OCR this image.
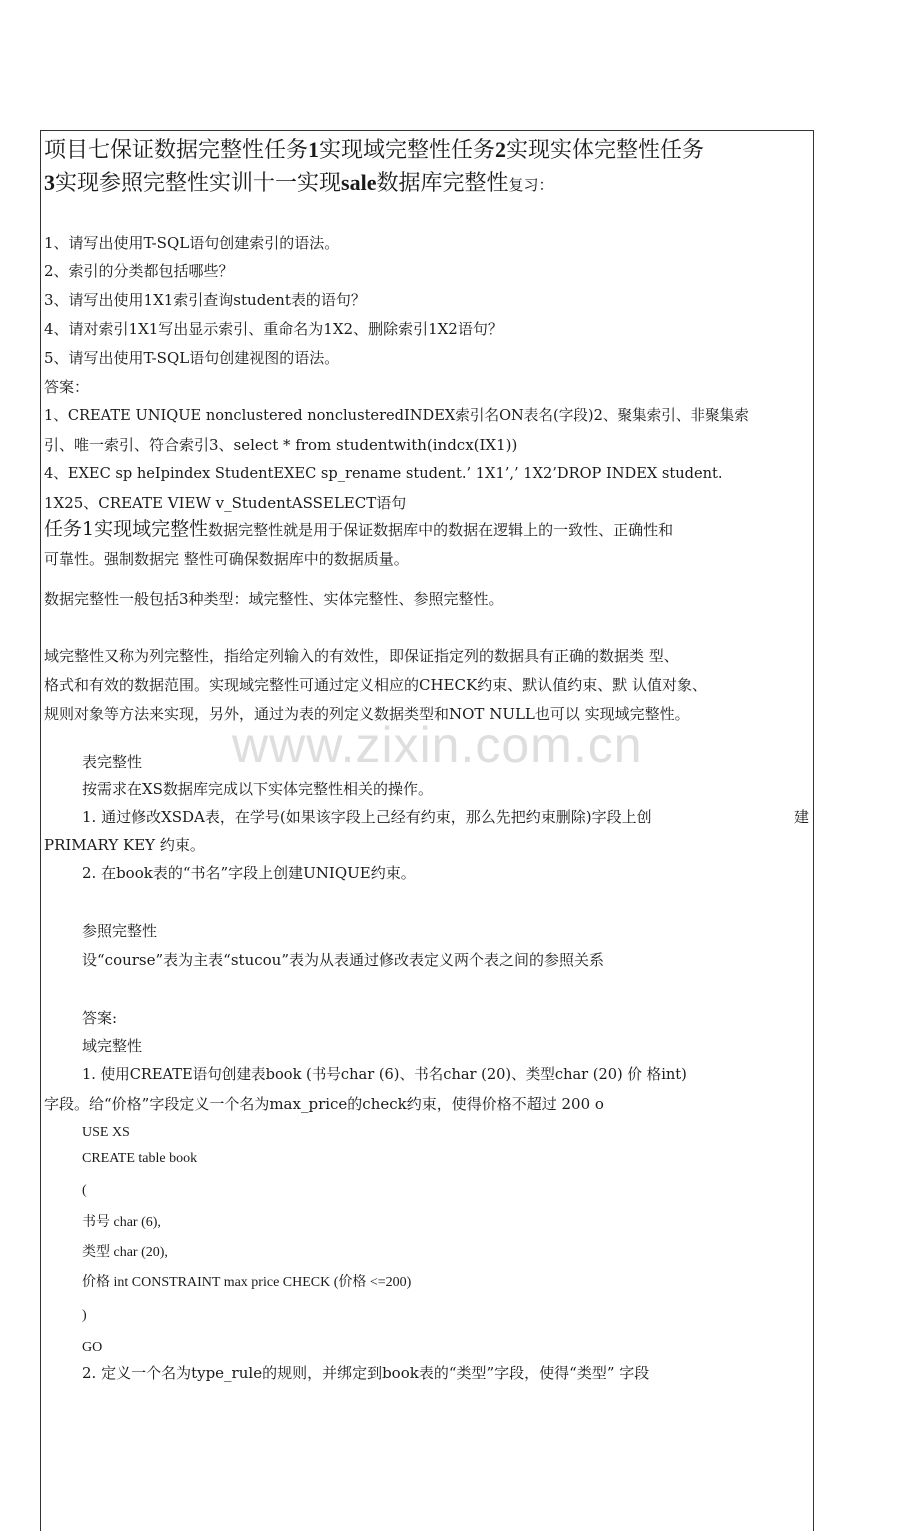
项目七保证数据完整性任务1实现域完整性任务2实现实体完整性任务
3实现参照完整性实训十一实现sale数据库完整性复习：
1、请写出使用T-SQL语句创建索引的语法。
2、索引的分类都包括哪些？
3、请写出使用1X1索引查询student表的语句？
4、请对索引1X1写出显示索引、重命名为1X2、删除索引1X2语句？
5、请写出使用T-SQL语句创建视图的语法。
答案：
1、CREATE UNIQUE nonclustered nonclusteredINDEX索引名ON表名(字段)2、聚集索引、非聚集索
引、唯一索引、符合索引3、select * from studentwith(indcx(IX1))
4、EXEC sp heIpindex StudentEXEC sp_rename student.’ 1X1’,’ 1X2’DROP INDEX student.
1X25、CREATE VIEW v_StudentASSELECT语句
任务1实现域完整性数据完整性就是用于保证数据库中的数据在逻辑上的一致性、正确性和
可靠性。强制数据完 整性可确保数据库中的数据质量。
数据完整性一般包括3种类型：域完整性、实体完整性、参照完整性。
域完整性又称为列完整性，指给定列输入的有效性，即保证指定列的数据具有正确的数据类 型、
格式和有效的数据范围。实现域完整性可通过定义相应的CHECK约束、默认值约束、默 认值对象、
规则对象等方法来实现，另外，通过为表的列定义数据类型和NOT NULL也可以 实现域完整性。
www.zixin.com.cn
表完整性
按需求在XS数据库完成以下实体完整性相关的操作。
1. 通过修改XSDA表，在学号(如果该字段上己经有约束，那么先把约束删除)字段上创	建
PRIMARY KEY 约束。
2. 在book表的“书名”字段上创建UNIQUE约束。
参照完整性
设“course”表为主表“stucou”表为从表通过修改表定义两个表之间的参照关系
答案:
域完整性
1. 使用CREATE语句创建表book (书号char (6)、书名char (20)、类型char (20) 价 格int)
字段。给“价格”字段定义一个名为max_price的check约束，使得价格不超过 200 o
USE XS
CREATE table book
(
书号 char (6),
类型 char (20),
价格 int CONSTRAINT max price CHECK (价格 <=200)
)
GO
2. 定义一个名为type_rule的规则，并绑定到book表的“类型”字段，使得“类型” 字段
